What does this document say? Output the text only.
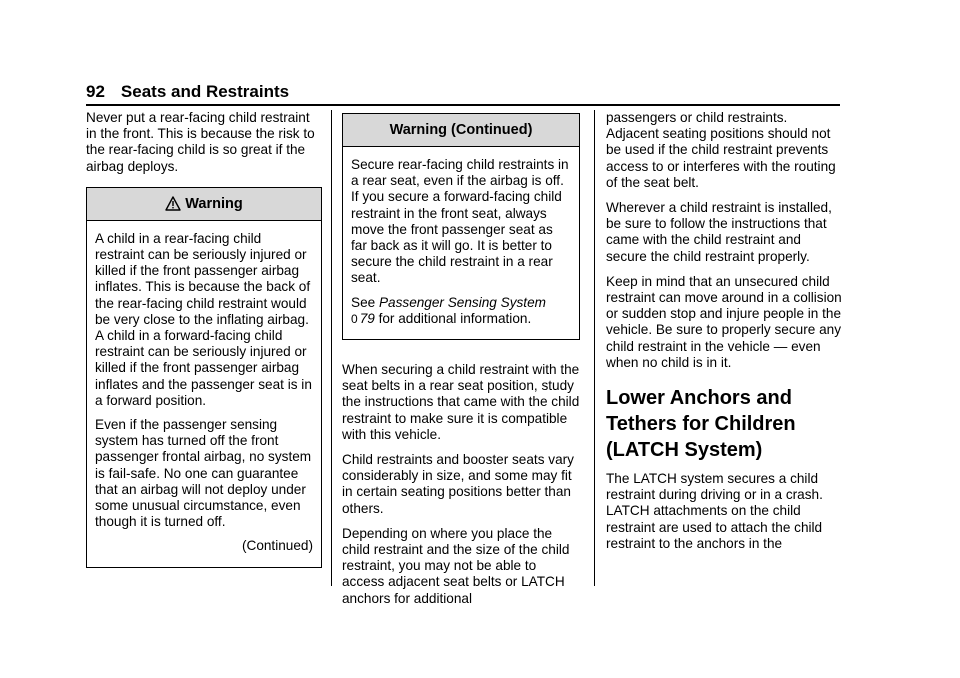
92 Seats and Restraints

Never put a rear-facing child restraint in the front. This is because the risk to the rear-facing child is so great if the airbag deploys.

Warning

A child in a rear-facing child restraint can be seriously injured or killed if the front passenger airbag inflates. This is because the back of the rear-facing child restraint would be very close to the inflating airbag. A child in a forward-facing child restraint can be seriously injured or killed if the front passenger airbag inflates and the passenger seat is in a forward position.

Even if the passenger sensing system has turned off the front passenger frontal airbag, no system is fail-safe. No one can guarantee that an airbag will not deploy under some unusual circumstance, even though it is turned off.

(Continued)

Warning (Continued)

Secure rear-facing child restraints in a rear seat, even if the airbag is off. If you secure a forward-facing child restraint in the front seat, always move the front passenger seat as far back as it will go. It is better to secure the child restraint in a rear seat.

See Passenger Sensing System
0 79 for additional information.

When securing a child restraint with the seat belts in a rear seat position, study the instructions that came with the child restraint to make sure it is compatible with this vehicle.

Child restraints and booster seats vary considerably in size, and some may fit in certain seating positions better than others.

Depending on where you place the child restraint and the size of the child restraint, you may not be able to access adjacent seat belts or LATCH anchors for additional

passengers or child restraints. Adjacent seating positions should not be used if the child restraint prevents access to or interferes with the routing of the seat belt.

Wherever a child restraint is installed, be sure to follow the instructions that came with the child restraint and secure the child restraint properly.

Keep in mind that an unsecured child restraint can move around in a collision or sudden stop and injure people in the vehicle. Be sure to properly secure any child restraint in the vehicle — even when no child is in it.

Lower Anchors and Tethers for Children (LATCH System)

The LATCH system secures a child restraint during driving or in a crash. LATCH attachments on the child restraint are used to attach the child restraint to the anchors in the
